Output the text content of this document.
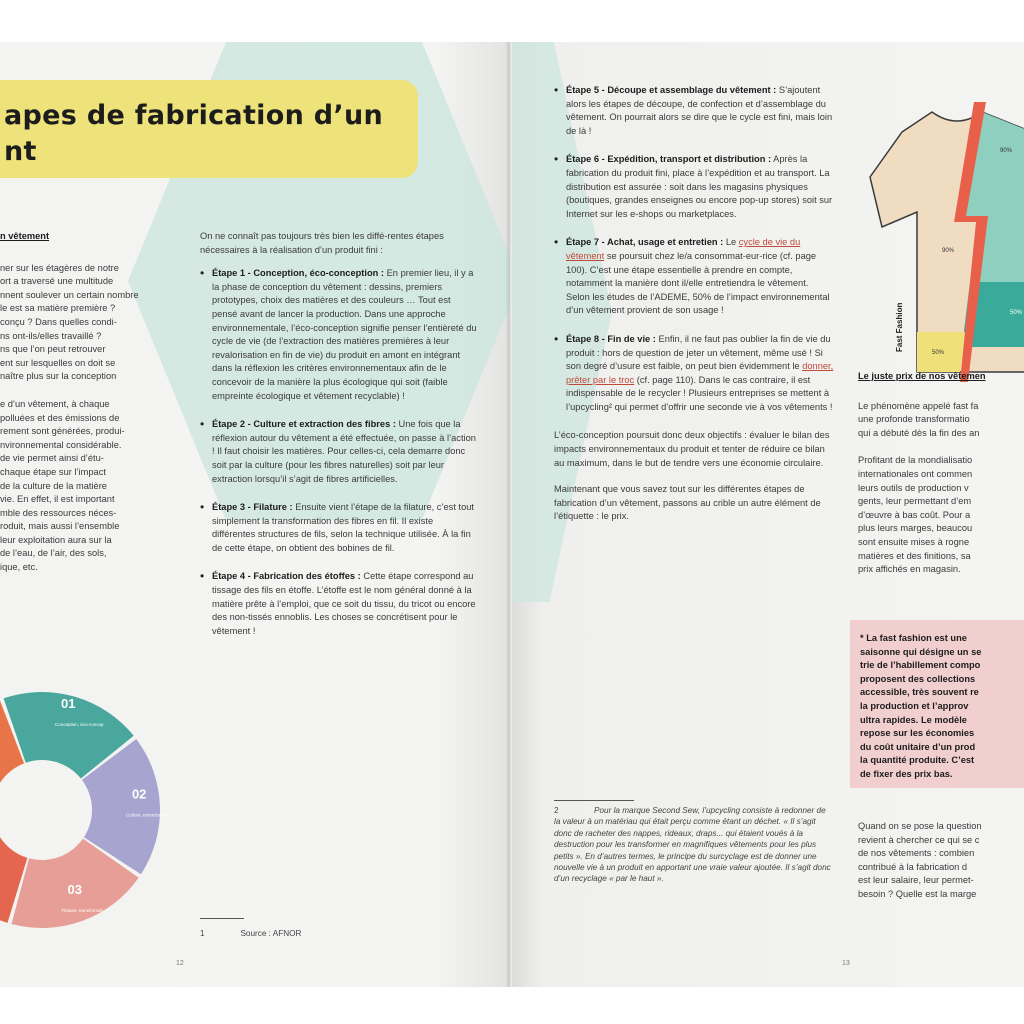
apes de fabrication d’un
nt
n vêtement
ner sur les étagères de notre
ort a traversé une multitude
nnent soulever un certain nombre
le est sa matière première ?
conçu ? Dans quelles condi-
ns ont-ils/elles travaillé ?
ns que l’on peut retrouver
ent sur lesquelles on doit se
naître plus sur la conception
e d’un vêtement, à chaque
polluées et des émissions de
rement sont générées, produi-
nvironnemental considérable.
de vie permet ainsi d’étu-
chaque étape sur l’impact
de la culture de la matière
vie. En effet, il est important
mble des ressources néces-
roduit, mais aussi l’ensemble
leur exploitation aura sur la
de l’eau, de l’air, des sols,
ique, etc.

On ne connaît pas toujours très bien les diffé-rentes étapes nécessaires à la réalisation d’un produit fini :

• Étape 1 - Conception, éco-conception : En premier lieu, il y a la phase de conception du vêtement : dessins, premiers prototypes, choix des matières et des couleurs … Tout est pensé avant de lancer la production. Dans une approche environnementale, l’éco-conception signifie penser l’entièreté du cycle de vie (de l’extraction des matières premières à leur revalorisation en fin de vie) du produit en amont en intégrant dans la réflexion les critères environnementaux afin de le concevoir de la manière la plus écologique qui soit (faible empreinte écologique et vêtement recyclable) !
• Étape 2 - Culture et extraction des fibres : Une fois que la réflexion autour du vêtement a été effectuée, on passe à l’action ! Il faut choisir les matières. Pour celles-ci, cela demarre donc soit par la culture (pour les fibres naturelles) soit par leur extraction lorsqu’il s’agit de fibres artificielles.
• Étape 3 - Filature : Ensuite vient l’étape de la filature, c’est tout simplement la transformation des fibres en fil. Il existe différentes structures de fils, selon la technique utilisée. À la fin de cette étape, on obtient des bobines de fil.
• Étape 4 - Fabrication des étoffes : Cette étape correspond au tissage des fils en étoffe. L’étoffe est le nom général donné à la matière prête à l’emploi, que ce soit du tissu, du tricot ou encore des non-tissés ennoblis. Les choses se concrétisent pour le vêtement !
1	Source : AFNOR
01
Conception, éco-concep
02
Culture, extraction de
03
Filature, transformati
12
• Étape 5 - Découpe et assemblage du vêtement : S’ajoutent alors les étapes de découpe, de confection et d’assemblage du vêtement. On pourrait alors se dire que le cycle est fini, mais loin de là !
• Étape 6 - Expédition, transport et distribution : Après la fabrication du produit fini, place à l’expédition et au transport. La distribution est assurée : soit dans les magasins physiques (boutiques, grandes enseignes ou encore pop-up stores) soit sur Internet sur les e-shops ou marketplaces.
• Étape 7 - Achat, usage et entretien : Le cycle de vie du vêtement se poursuit chez le/a consommat-eur-rice (cf. page 100). C’est une étape essentielle à prendre en compte, notamment la manière dont il/elle entretiendra le vêtement. Selon les études de l’ADEME, 50% de l’impact environnemental d’un vêtement provient de son usage !
• Étape 8 - Fin de vie : Enfin, il ne faut pas oublier la fin de vie du produit : hors de question de jeter un vêtement, même usé ! Si son degré d’usure est faible, on peut bien évidemment le donner, prêter par le troc (cf. page 110). Dans le cas contraire, il est indispensable de le recycler ! Plusieurs entreprises se mettent à l’upcycling² qui permet d’offrir une seconde vie à vos vêtements !

L’éco-conception poursuit donc deux objectifs : évaluer le bilan des impacts environnementaux du produit et tenter de réduire ce bilan au maximum, dans le but de tendre vers une économie circulaire.

Maintenant que vous savez tout sur les différentes étapes de fabrication d’un vêtement, passons au crible un autre élément de l’étiquette : le prix.

2	Pour la marque Second Sew, l’upcycling consiste à redonner de la valeur à un matériau qui était perçu comme étant un déchet. « Il s’agit donc de racheter des nappes, rideaux, draps... qui étaient voués à la destruction pour les transformer en magnifiques vêtements pour les plus petits ». En d’autres termes, le principe du surcyclage est de donner une nouvelle vie à un produit en apportant une vraie valeur ajoutée. Il s’agit donc d’un recyclage « par le haut ».
90%
90%
50%
50%
Fast Fashion
Le juste prix de nos vêtemen
Le phénomène appelé fast fa
une profonde transformatio
qui a débuté dès la fin des an
Profitant de la mondialisatio
internationales ont commen
leurs outils de production v
gents, leur permettant d’em
d’œuvre à bas coût. Pour a
plus leurs marges, beaucou
sont ensuite mises à rogne
matières et des finitions, sa
prix affichés en magasin.
* La fast fashion est une
saisonne qui désigne un se
trie de l’habillement compo
proposent des collections
accessible, très souvent re
la production et l’approv
ultra rapides. Le modèle
repose sur les économies
du coût unitaire d’un prod
la quantité produite. C’est
de fixer des prix bas.
Quand on se pose la question
revient à chercher ce qui se c
de nos vêtements : combien
contribué à la fabrication d
est leur salaire, leur permet-
besoin ? Quelle est la marge
13
